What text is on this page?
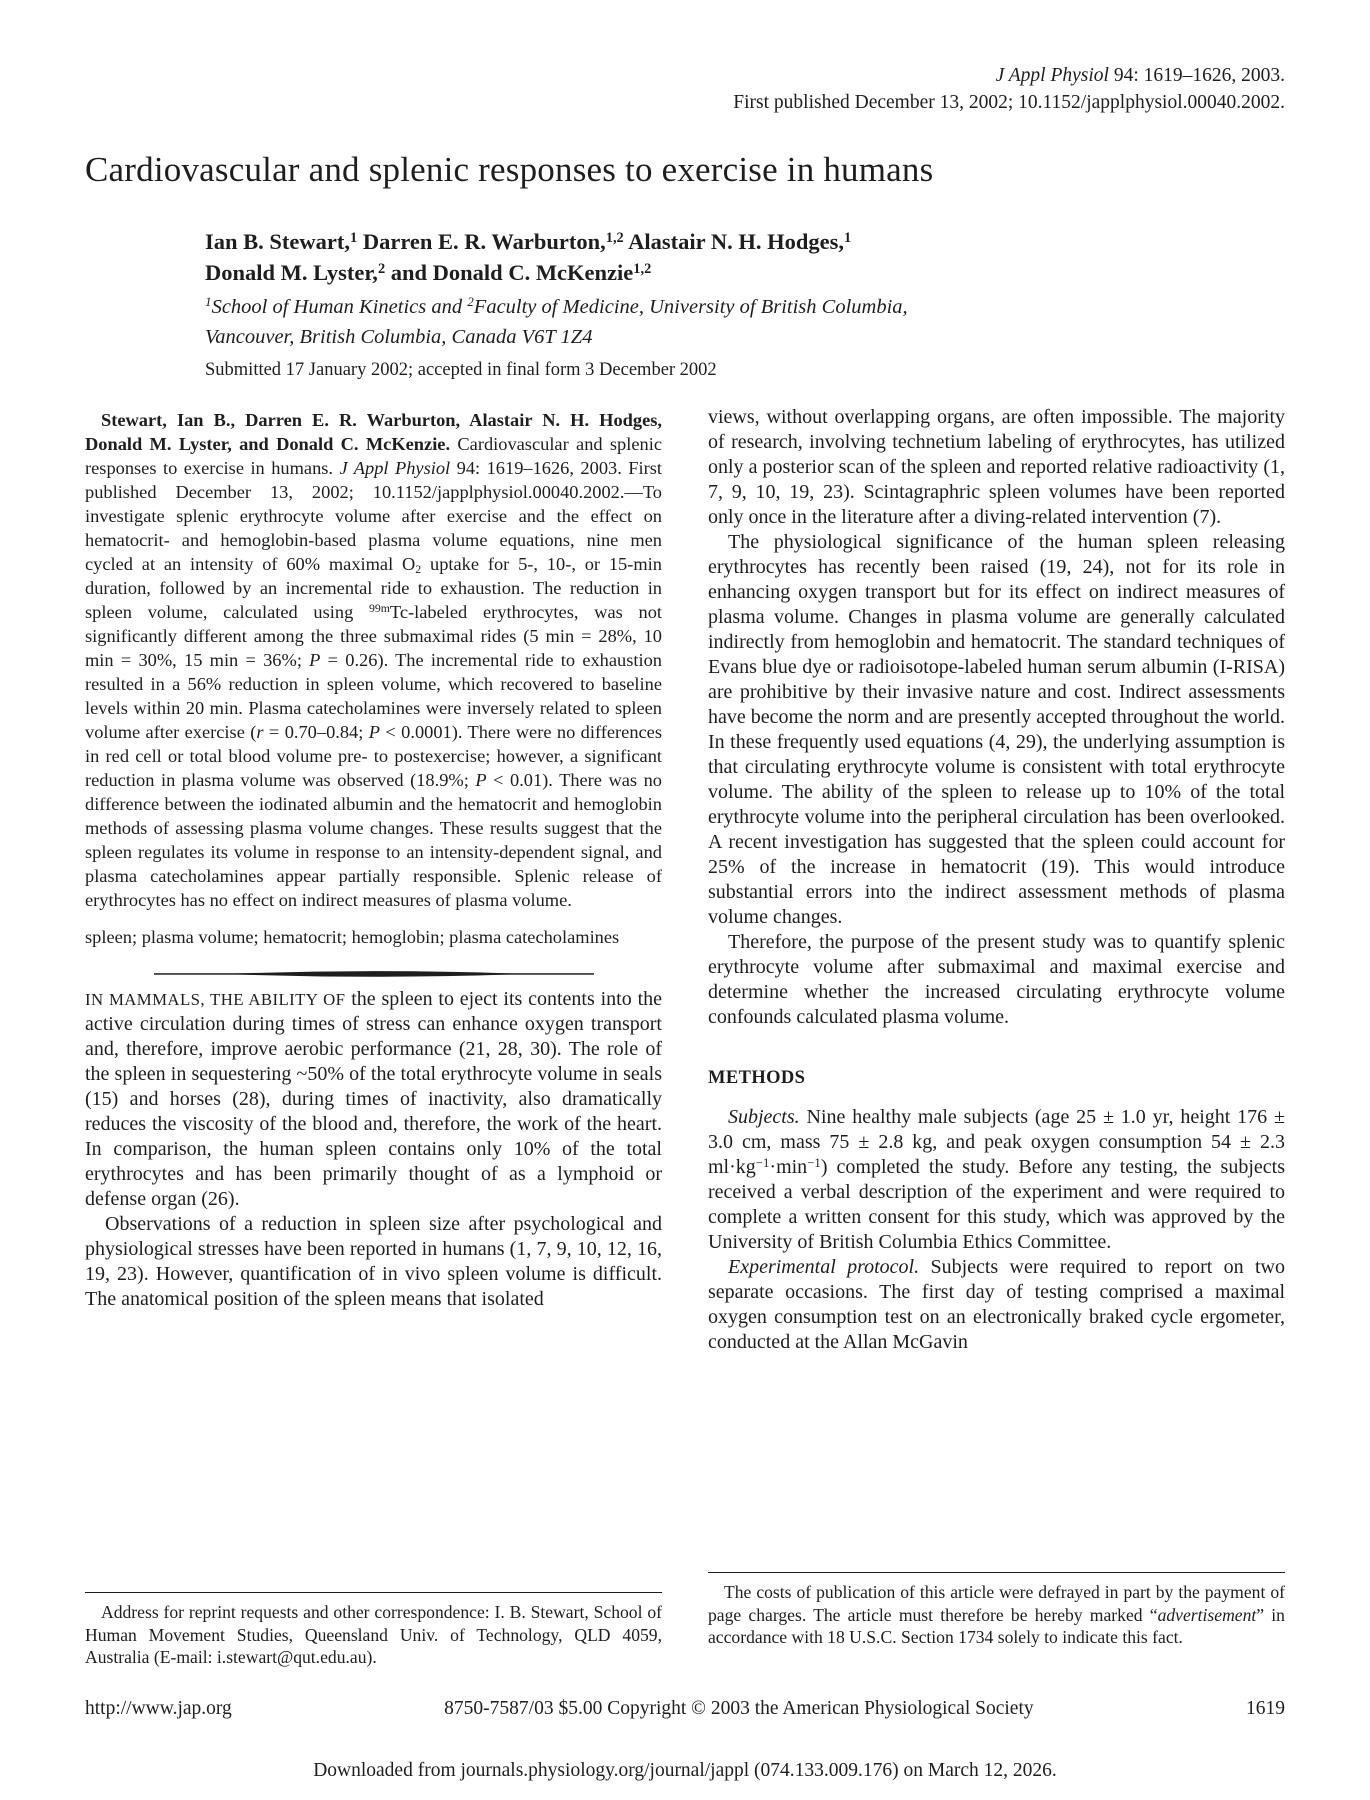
J Appl Physiol 94: 1619–1626, 2003.
First published December 13, 2002; 10.1152/japplphysiol.00040.2002.
Cardiovascular and splenic responses to exercise in humans
Ian B. Stewart,$^1$ Darren E. R. Warburton,$^{1,2}$ Alastair N. H. Hodges,$^1$
Donald M. Lyster,$^2$ and Donald C. McKenzie$^{1,2}$
$^1$School of Human Kinetics and $^2$Faculty of Medicine, University of British Columbia,
Vancouver, British Columbia, Canada V6T 1Z4
Submitted 17 January 2002; accepted in final form 3 December 2002

Stewart, Ian B., Darren E. R. Warburton, Alastair N. H. Hodges, Donald M. Lyster, and Donald C. McKenzie. Cardiovascular and splenic responses to exercise in humans. J Appl Physiol 94: 1619–1626, 2003. First published December 13, 2002; 10.1152/japplphysiol.00040.2002.—To investigate splenic erythrocyte volume after exercise and the effect on hematocrit- and hemoglobin-based plasma volume equations, nine men cycled at an intensity of 60% maximal $O_2$ uptake for 5-, 10-, or 15-min duration, followed by an incremental ride to exhaustion. The reduction in spleen volume, calculated using $^{99m}$Tc-labeled erythrocytes, was not significantly different among the three submaximal rides (5 min = 28%, 10 min = 30%, 15 min = 36%; P = 0.26). The incremental ride to exhaustion resulted in a 56% reduction in spleen volume, which recovered to baseline levels within 20 min. Plasma catecholamines were inversely related to spleen volume after exercise (r = 0.70–0.84; P < 0.0001). There were no differences in red cell or total blood volume pre- to postexercise; however, a significant reduction in plasma volume was observed (18.9%; P < 0.01). There was no difference between the iodinated albumin and the hematocrit and hemoglobin methods of assessing plasma volume changes. These results suggest that the spleen regulates its volume in response to an intensity-dependent signal, and plasma catecholamines appear partially responsible. Splenic release of erythrocytes has no effect on indirect measures of plasma volume.

spleen; plasma volume; hematocrit; hemoglobin; plasma catecholamines

IN MAMMALS, THE ABILITY OF the spleen to eject its contents into the active circulation during times of stress can enhance oxygen transport and, therefore, improve aerobic performance (21, 28, 30). The role of the spleen in sequestering ~50% of the total erythrocyte volume in seals (15) and horses (28), during times of inactivity, also dramatically reduces the viscosity of the blood and, therefore, the work of the heart. In comparison, the human spleen contains only 10% of the total erythrocytes and has been primarily thought of as a lymphoid or defense organ (26).

Observations of a reduction in spleen size after psychological and physiological stresses have been reported in humans (1, 7, 9, 10, 12, 16, 19, 23). However, quantification of in vivo spleen volume is difficult. The anatomical position of the spleen means that isolated

views, without overlapping organs, are often impossible. The majority of research, involving technetium labeling of erythrocytes, has utilized only a posterior scan of the spleen and reported relative radioactivity (1, 7, 9, 10, 19, 23). Scintagraphric spleen volumes have been reported only once in the literature after a diving-related intervention (7).

The physiological significance of the human spleen releasing erythrocytes has recently been raised (19, 24), not for its role in enhancing oxygen transport but for its effect on indirect measures of plasma volume. Changes in plasma volume are generally calculated indirectly from hemoglobin and hematocrit. The standard techniques of Evans blue dye or radioisotope-labeled human serum albumin (I-RISA) are prohibitive by their invasive nature and cost. Indirect assessments have become the norm and are presently accepted throughout the world. In these frequently used equations (4, 29), the underlying assumption is that circulating erythrocyte volume is consistent with total erythrocyte volume. The ability of the spleen to release up to 10% of the total erythrocyte volume into the peripheral circulation has been overlooked. A recent investigation has suggested that the spleen could account for 25% of the increase in hematocrit (19). This would introduce substantial errors into the indirect assessment methods of plasma volume changes.

Therefore, the purpose of the present study was to quantify splenic erythrocyte volume after submaximal and maximal exercise and determine whether the increased circulating erythrocyte volume confounds calculated plasma volume.

METHODS

Subjects. Nine healthy male subjects (age 25 ± 1.0 yr, height 176 ± 3.0 cm, mass 75 ± 2.8 kg, and peak oxygen consumption 54 ± 2.3 $ml\cdot kg^{-1}\cdot\min^{-1}$) completed the study. Before any testing, the subjects received a verbal description of the experiment and were required to complete a written consent for this study, which was approved by the University of British Columbia Ethics Committee.

Experimental protocol. Subjects were required to report on two separate occasions. The first day of testing comprised a maximal oxygen consumption test on an electronically braked cycle ergometer, conducted at the Allan McGavin

Address for reprint requests and other correspondence: I. B. Stewart, School of Human Movement Studies, Queensland Univ. of Technology, QLD 4059, Australia (E-mail: i.stewart@qut.edu.au).
The costs of publication of this article were defrayed in part by the payment of page charges. The article must therefore be hereby marked “advertisement” in accordance with 18 U.S.C. Section 1734 solely to indicate this fact.
http://www.jap.org	8750-7587/03 $5.00 Copyright © 2003 the American Physiological Society	1619
Downloaded from journals.physiology.org/journal/jappl (074.133.009.176) on March 12, 2026.
